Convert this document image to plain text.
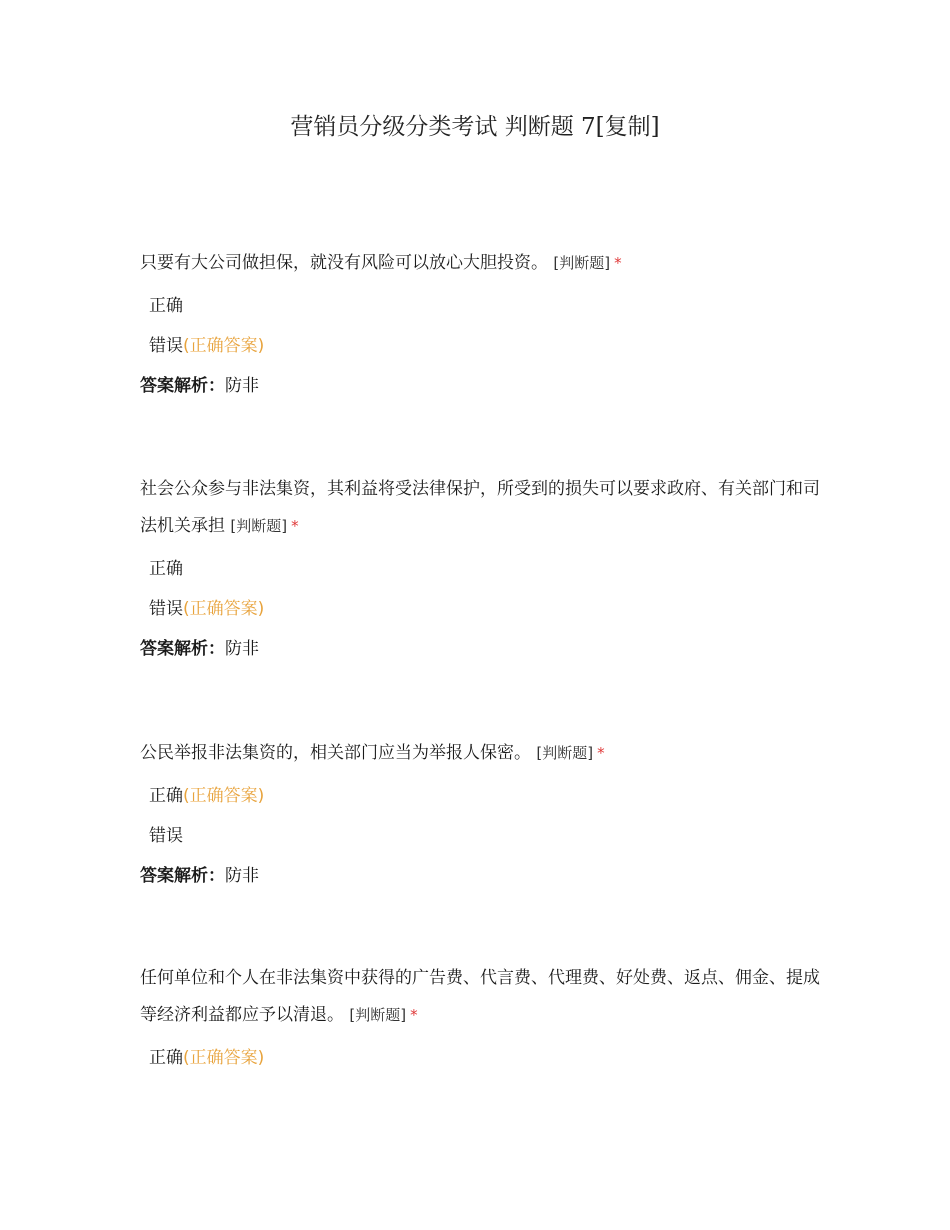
营销员分级分类考试 判断题 7[复制]

只要有大公司做担保，就没有风险可以放心大胆投资。 [判断题] *

正确
错误(正确答案)
答案解析：防非

社会公众参与非法集资，其利益将受法律保护，所受到的损失可以要求政府、有关部门和司法机关承担 [判断题] *

正确
错误(正确答案)
答案解析：防非

公民举报非法集资的，相关部门应当为举报人保密。 [判断题] *

正确(正确答案)
错误
答案解析：防非

任何单位和个人在非法集资中获得的广告费、代言费、代理费、好处费、返点、佣金、提成等经济利益都应予以清退。 [判断题] *

正确(正确答案)
